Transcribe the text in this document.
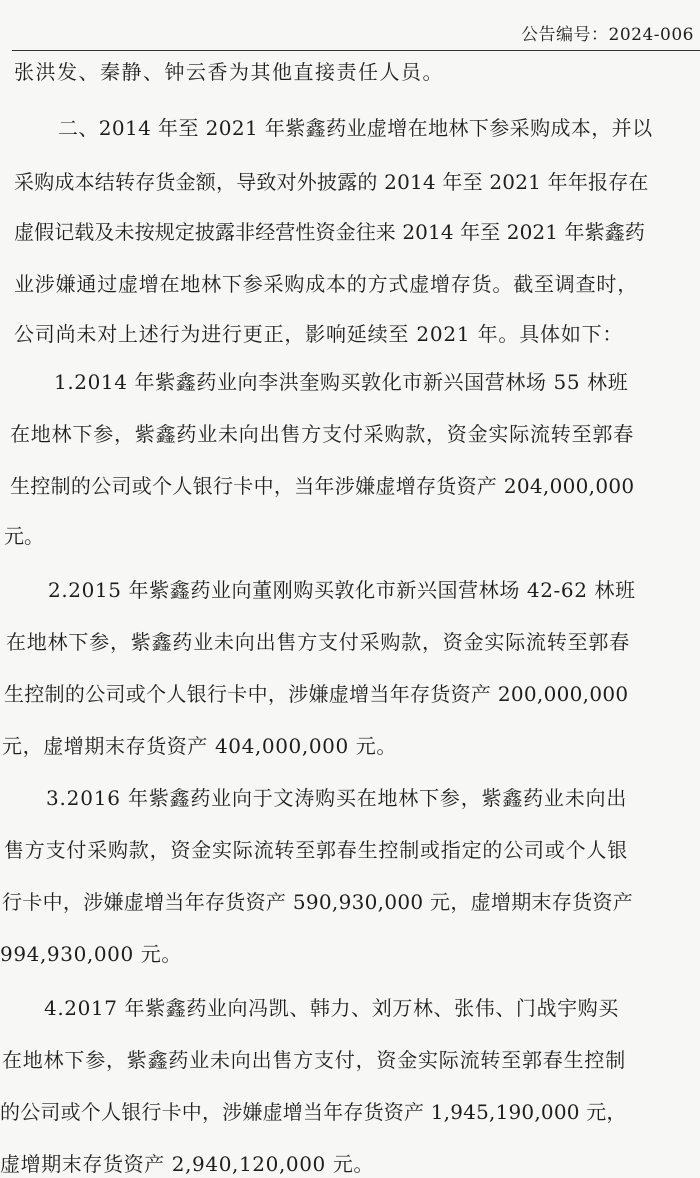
公告编号：2024-006
张洪发、秦静、钟云香为其他直接责任人员。
二、2014 年至 2021 年紫鑫药业虚增在地林下参采购成本，并以
采购成本结转存货金额，导致对外披露的 2014 年至 2021 年年报存在
虚假记载及未按规定披露非经营性资金往来 2014 年至 2021 年紫鑫药
业涉嫌通过虚增在地林下参采购成本的方式虚增存货。截至调查时，
公司尚未对上述行为进行更正，影响延续至 2021 年。具体如下：
1.2014 年紫鑫药业向李洪奎购买敦化市新兴国营林场 55 林班
在地林下参，紫鑫药业未向出售方支付采购款，资金实际流转至郭春
生控制的公司或个人银行卡中，当年涉嫌虚增存货资产 204,000,000
元。
2.2015 年紫鑫药业向董刚购买敦化市新兴国营林场 42-62 林班
在地林下参，紫鑫药业未向出售方支付采购款，资金实际流转至郭春
生控制的公司或个人银行卡中，涉嫌虚增当年存货资产 200,000,000
元，虚增期末存货资产 404,000,000 元。
3.2016 年紫鑫药业向于文涛购买在地林下参，紫鑫药业未向出
售方支付采购款，资金实际流转至郭春生控制或指定的公司或个人银
行卡中，涉嫌虚增当年存货资产 590,930,000 元，虚增期末存货资产
994,930,000 元。
4.2017 年紫鑫药业向冯凯、韩力、刘万林、张伟、门战宇购买
在地林下参，紫鑫药业未向出售方支付，资金实际流转至郭春生控制
的公司或个人银行卡中，涉嫌虚增当年存货资产 1,945,190,000 元，
虚增期末存货资产 2,940,120,000 元。
